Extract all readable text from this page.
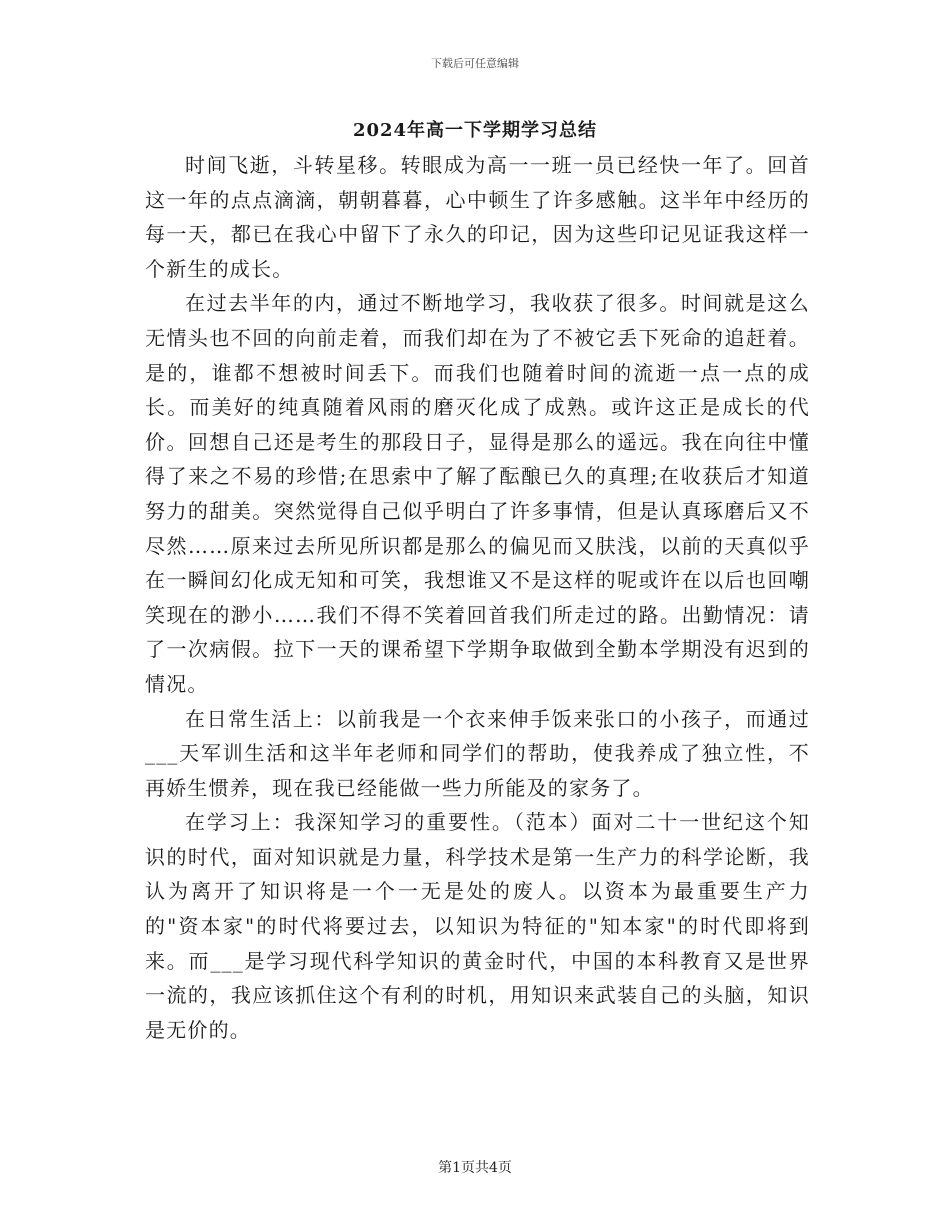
下载后可任意编辑
2024年高一下学期学习总结

时间飞逝，斗转星移。转眼成为高一一班一员已经快一年了。回首这一年的点点滴滴，朝朝暮暮，心中顿生了许多感触。这半年中经历的每一天，都已在我心中留下了永久的印记，因为这些印记见证我这样一个新生的成长。

在过去半年的内，通过不断地学习，我收获了很多。时间就是这么无情头也不回的向前走着，而我们却在为了不被它丢下死命的追赶着。是的，谁都不想被时间丢下。而我们也随着时间的流逝一点一点的成长。而美好的纯真随着风雨的磨灭化成了成熟。或许这正是成长的代价。回想自己还是考生的那段日子，显得是那么的遥远。我在向往中懂得了来之不易的珍惜;在思索中了解了酝酿已久的真理;在收获后才知道努力的甜美。突然觉得自己似乎明白了许多事情，但是认真琢磨后又不尽然……原来过去所见所识都是那么的偏见而又肤浅，以前的天真似乎在一瞬间幻化成无知和可笑，我想谁又不是这样的呢或许在以后也回嘲笑现在的渺小……我们不得不笑着回首我们所走过的路。出勤情况：请了一次病假。拉下一天的课希望下学期争取做到全勤本学期没有迟到的情况。

在日常生活上：以前我是一个衣来伸手饭来张口的小孩子，而通过___天军训生活和这半年老师和同学们的帮助，使我养成了独立性，不再娇生惯养，现在我已经能做一些力所能及的家务了。

在学习上：我深知学习的重要性。（范本）面对二十一世纪这个知识的时代，面对知识就是力量，科学技术是第一生产力的科学论断，我认为离开了知识将是一个一无是处的废人。以资本为最重要生产力的"资本家"的时代将要过去，以知识为特征的"知本家"的时代即将到来。而___是学习现代科学知识的黄金时代，中国的本科教育又是世界一流的，我应该抓住这个有利的时机，用知识来武装自己的头脑，知识是无价的。

第1页共4页
